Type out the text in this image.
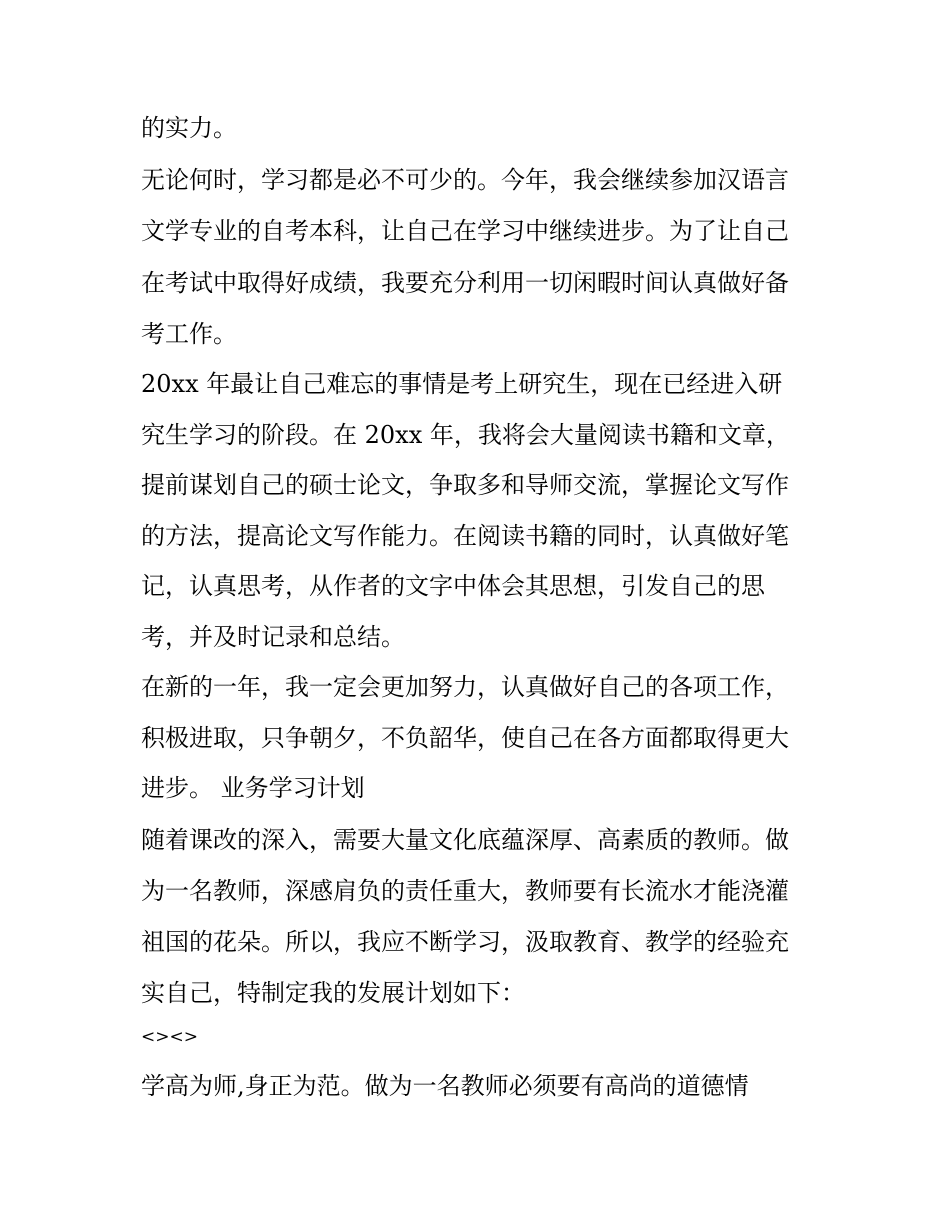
的实力。
无论何时，学习都是必不可少的。今年，我会继续参加汉语言
文学专业的自考本科，让自己在学习中继续进步。为了让自己
在考试中取得好成绩，我要充分利用一切闲暇时间认真做好备
考工作。
20xx 年最让自己难忘的事情是考上研究生，现在已经进入研
究生学习的阶段。在 20xx 年，我将会大量阅读书籍和文章，
提前谋划自己的硕士论文，争取多和导师交流，掌握论文写作
的方法，提高论文写作能力。在阅读书籍的同时，认真做好笔
记，认真思考，从作者的文字中体会其思想，引发自己的思
考，并及时记录和总结。
在新的一年，我一定会更加努力，认真做好自己的各项工作，
积极进取，只争朝夕，不负韶华，使自己在各方面都取得更大
进步。 业务学习计划
随着课改的深入，需要大量文化底蕴深厚、高素质的教师。做
为一名教师，深感肩负的责任重大，教师要有长流水才能浇灌
祖国的花朵。所以，我应不断学习，汲取教育、教学的经验充
实自己，特制定我的发展计划如下：
<><>
学高为师,身正为范。做为一名教师必须要有高尚的道德情
